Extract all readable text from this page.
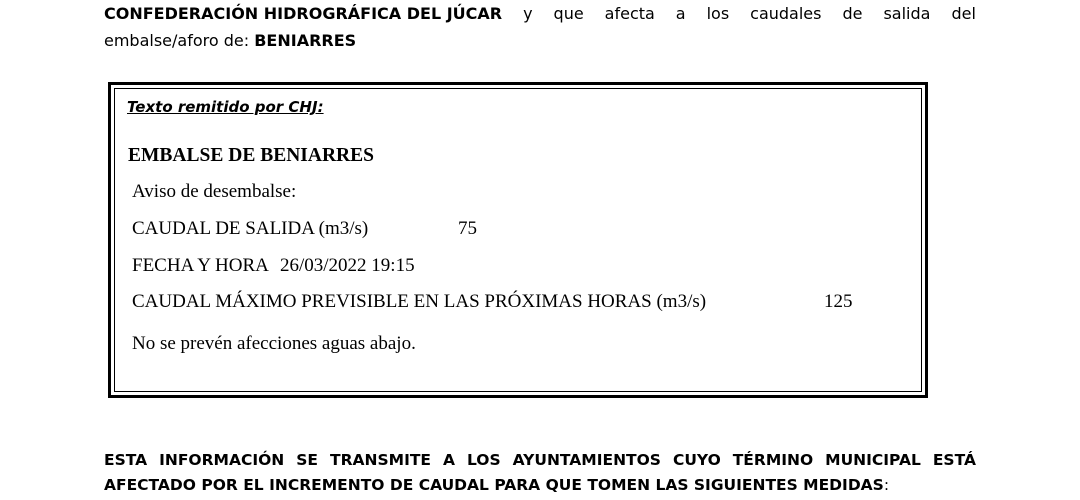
CONFEDERACIÓN HIDROGRÁFICA DEL JÚCAR y que afecta a los caudales de salida del
embalse/aforo de: BENIARRES
Texto remitido por CHJ:
EMBALSE DE BENIARRES
Aviso de desembalse:
CAUDAL DE SALIDA (m3/s)	75
FECHA Y HORA 26/03/2022 19:15
CAUDAL MÁXIMO PREVISIBLE EN LAS PRÓXIMAS HORAS (m3/s)	125
No se prevén afecciones aguas abajo.
ESTA INFORMACIÓN SE TRANSMITE A LOS AYUNTAMIENTOS CUYO TÉRMINO MUNICIPAL ESTÁ
AFECTADO POR EL INCREMENTO DE CAUDAL PARA QUE TOMEN LAS SIGUIENTES MEDIDAS:
